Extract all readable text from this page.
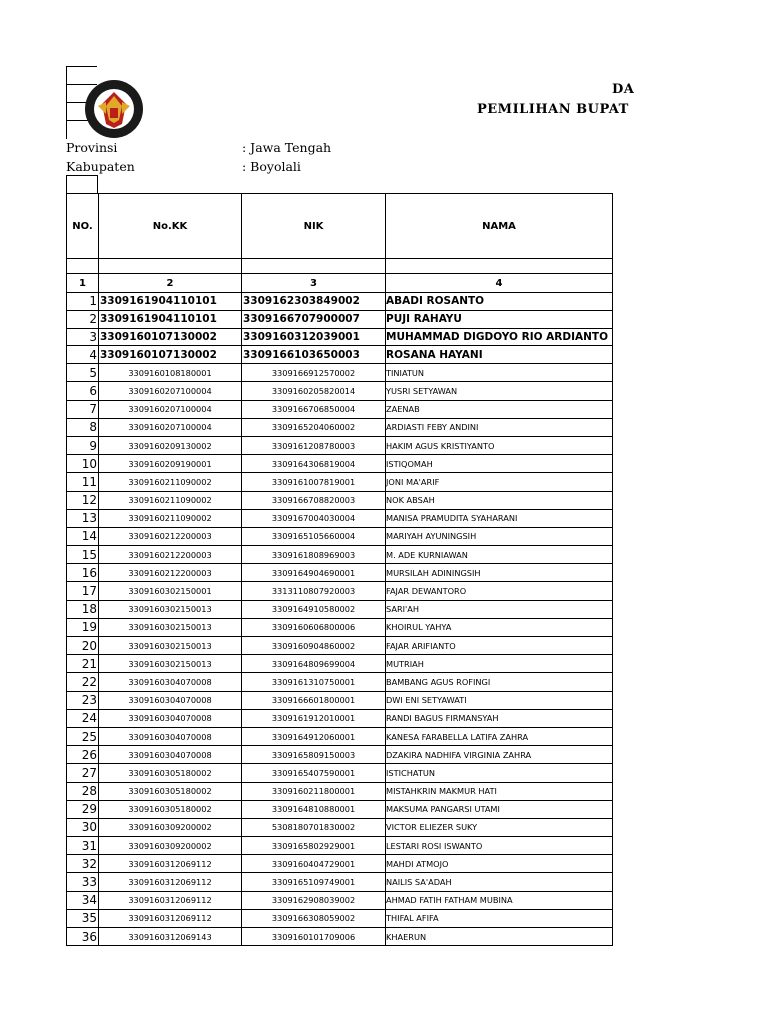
DA
PEMILIHAN BUPAT
Provinsi	: Jawa Tengah
Kabupaten	: Boyolali
NO.	No.KK	NIK	NAMA

1	2	3	4
1	3309161904110101	3309162303849002	ABADI ROSANTO
2	3309161904110101	3309166707900007	PUJI RAHAYU
3	3309160107130002	3309160312039001	MUHAMMAD DIGDOYO RIO ARDIANTO
4	3309160107130002	3309166103650003	ROSANA HAYANI
5	3309160108180001	3309166912570002	TINIATUN
6	3309160207100004	3309160205820014	YUSRI SETYAWAN
7	3309160207100004	3309166706850004	ZAENAB
8	3309160207100004	3309165204060002	ARDIASTI FEBY ANDINI
9	3309160209130002	3309161208780003	HAKIM AGUS KRISTIYANTO
10	3309160209190001	3309164306819004	ISTIQOMAH
11	3309160211090002	3309161007819001	JONI MA'ARIF
12	3309160211090002	3309166708820003	NOK ABSAH
13	3309160211090002	3309167004030004	MANISA PRAMUDITA SYAHARANI
14	3309160212200003	3309165105660004	MARIYAH AYUNINGSIH
15	3309160212200003	3309161808969003	M. ADE KURNIAWAN
16	3309160212200003	3309164904690001	MURSILAH ADININGSIH
17	3309160302150001	3313110807920003	FAJAR DEWANTORO
18	3309160302150013	3309164910580002	SARI'AH
19	3309160302150013	3309160606800006	KHOIRUL YAHYA
20	3309160302150013	3309160904860002	FAJAR ARIFIANTO
21	3309160302150013	3309164809699004	MUTRIAH
22	3309160304070008	3309161310750001	BAMBANG AGUS ROFINGI
23	3309160304070008	3309166601800001	DWI ENI SETYAWATI
24	3309160304070008	3309161912010001	RANDI BAGUS FIRMANSYAH
25	3309160304070008	3309164912060001	KANESA FARABELLA LATIFA ZAHRA
26	3309160304070008	3309165809150003	DZAKIRA NADHIFA VIRGINIA ZAHRA
27	3309160305180002	3309165407590001	ISTICHATUN
28	3309160305180002	3309160211800001	MISTAHKRIN MAKMUR HATI
29	3309160305180002	3309164810880001	MAKSUMA PANGARSI UTAMI
30	3309160309200002	5308180701830002	VICTOR ELIEZER SUKY
31	3309160309200002	3309165802929001	LESTARI ROSI ISWANTO
32	3309160312069112	3309160404729001	MAHDI ATMOJO
33	3309160312069112	3309165109749001	NAILIS SA'ADAH
34	3309160312069112	3309162908039002	AHMAD FATIH FATHAM MUBINA
35	3309160312069112	3309166308059002	THIFAL AFIFA
36	3309160312069143	3309160101709006	KHAERUN
